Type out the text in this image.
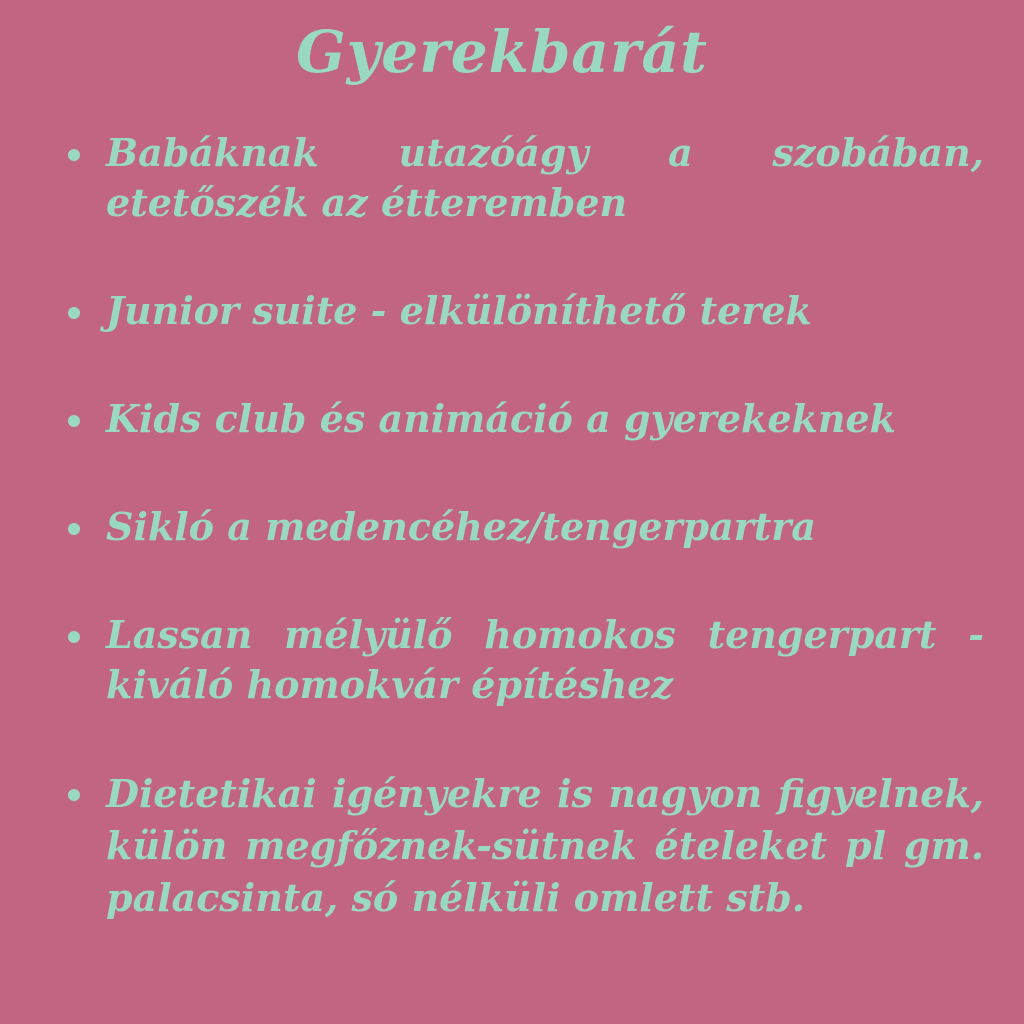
Gyerekbarát
Babáknak utazóágy a szobában, etetőszék az étteremben
Junior suite - elkülöníthető terek
Kids club és animáció a gyerekeknek
Sikló a medencéhez/tengerpartra
Lassan mélyülő homokos tengerpart - kiváló homokvár építéshez
Dietetikai igényekre is nagyon figyelnek, külön megfőznek-sütnek ételeket pl gm. palacsinta, só nélküli omlett stb.
